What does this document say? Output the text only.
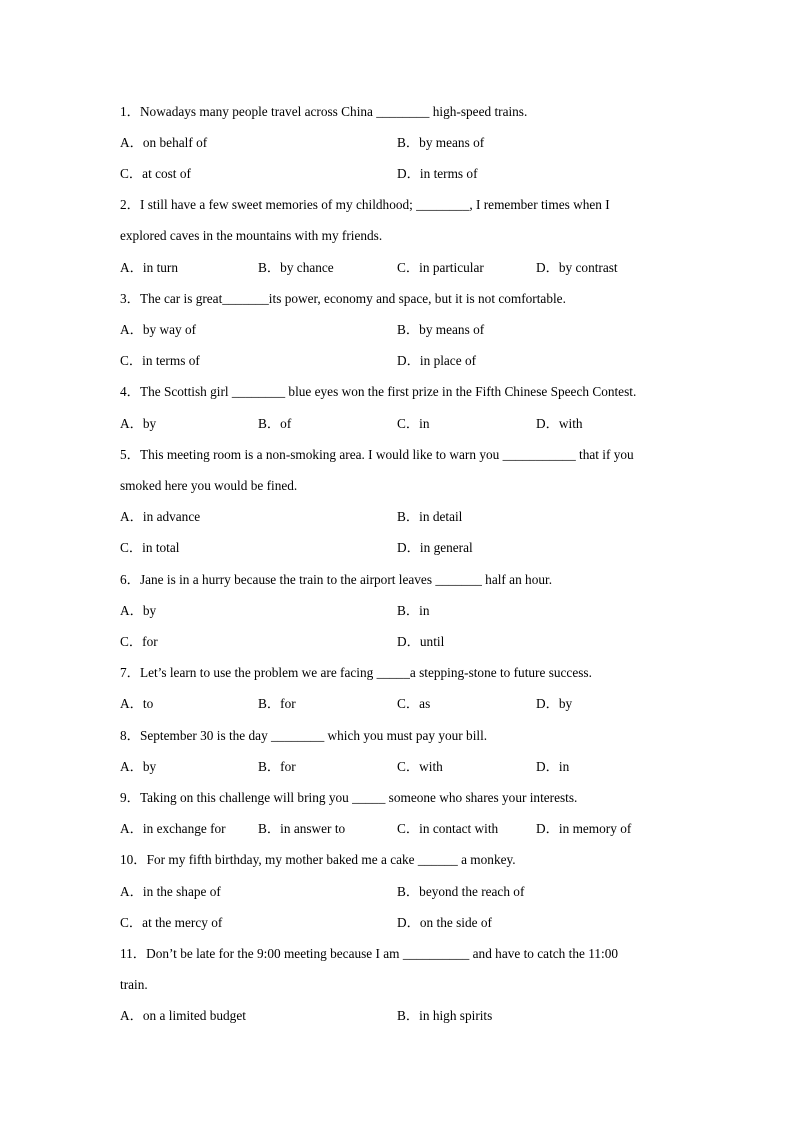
1．Nowadays many people travel across China ________ high-speed trains.
A．on behalf of	B．by means of
C．at cost of	D．in terms of
2．I still have a few sweet memories of my childhood; ________, I remember times when I
explored caves in the mountains with my friends.
A．in turn	B．by chance	C．in particular	D．by contrast
3．The car is great_______its power, economy and space, but it is not comfortable.
A．by way of	B．by means of
C．in terms of	D．in place of
4．The Scottish girl ________ blue eyes won the first prize in the Fifth Chinese Speech Contest.
A．by	B．of	C．in	D．with
5．This meeting room is a non-smoking area. I would like to warn you ___________ that if you
smoked here you would be fined.
A．in advance	B．in detail
C．in total	D．in general
6．Jane is in a hurry because the train to the airport leaves _______ half an hour.
A．by	B．in
C．for	D．until
7．Let’s learn to use the problem we are facing _____a stepping-stone to future success.
A．to	B．for	C．as	D．by
8．September 30 is the day ________ which you must pay your bill.
A．by	B．for	C．with	D．in
9．Taking on this challenge will bring you _____ someone who shares your interests.
A．in exchange for B．in answer to	C．in contact with	D．in memory of
10．For my fifth birthday, my mother baked me a cake ______ a monkey.
A．in the shape of	B．beyond the reach of
C．at the mercy of	D．on the side of
11．Don’t be late for the 9:00 meeting because I am __________ and have to catch the 11:00
train.
A．on a limited budget	B．in high spirits
